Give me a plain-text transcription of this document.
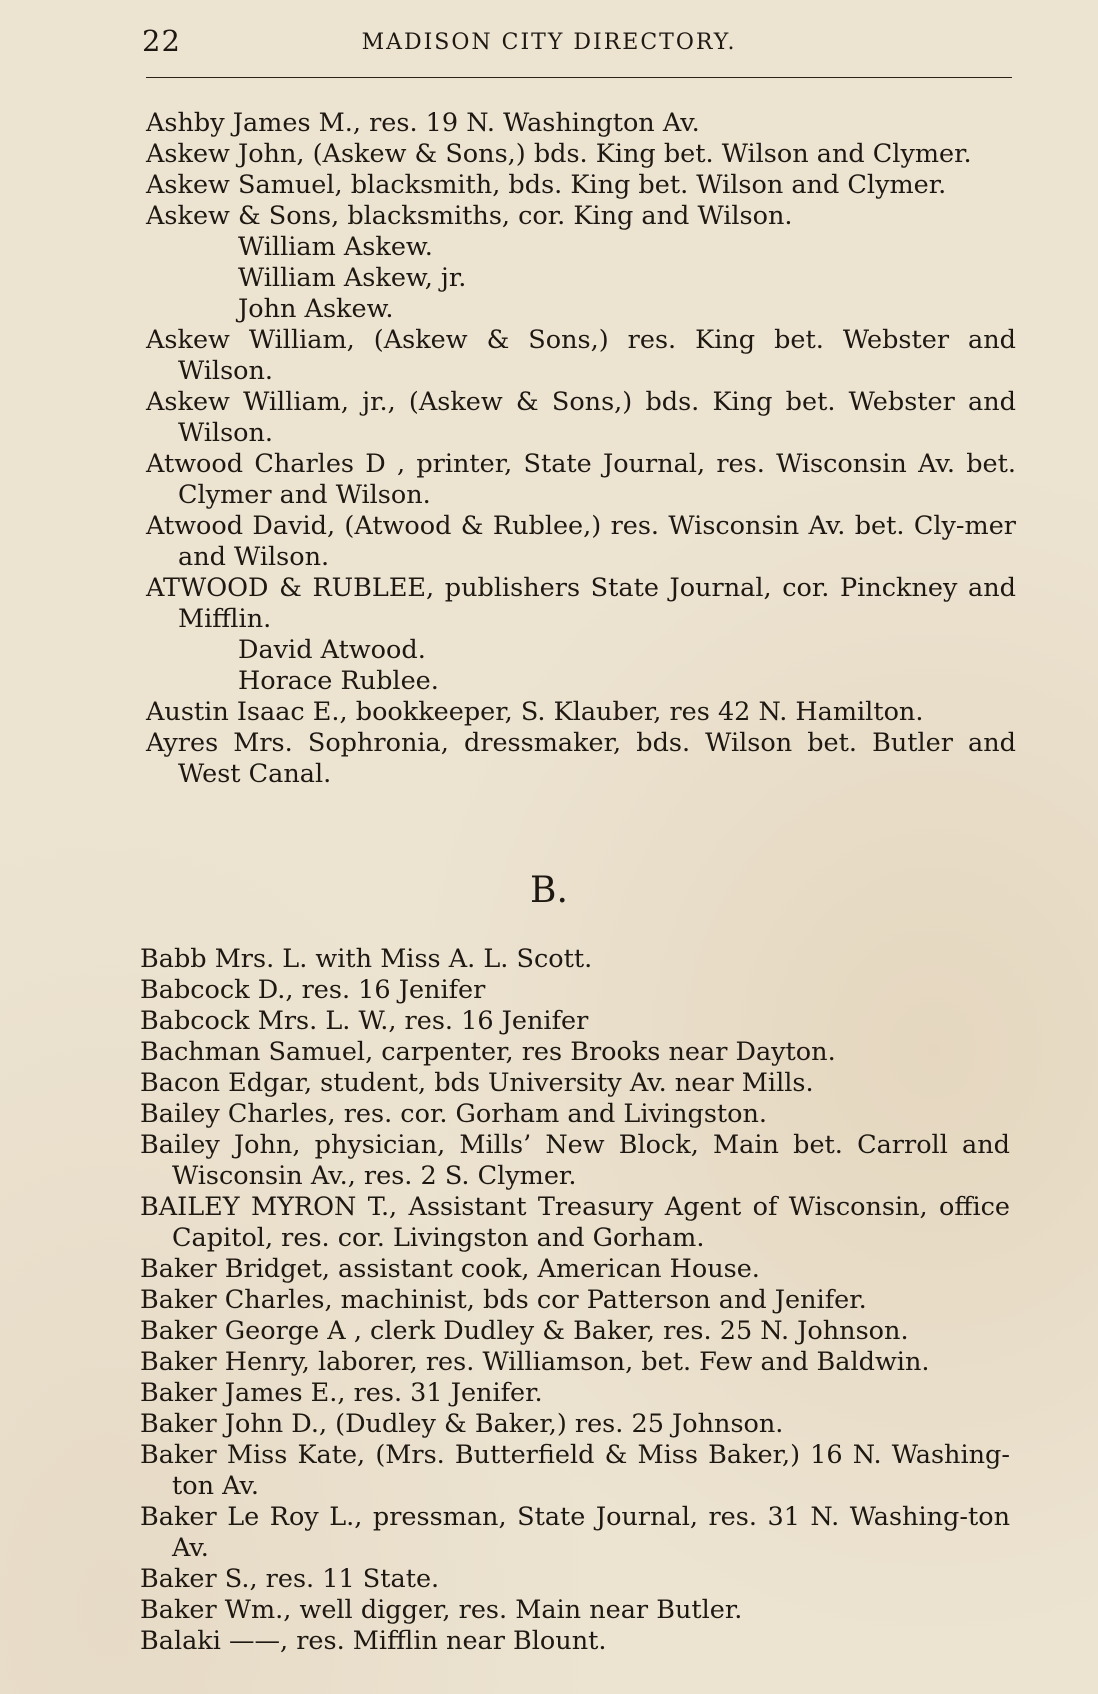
22	MADISON CITY DIRECTORY.
Ashby James M., res. 19 N. Washington Av.
Askew John, (Askew & Sons,) bds. King bet. Wilson and Clymer.
Askew Samuel, blacksmith, bds. King bet. Wilson and Clymer.
Askew & Sons, blacksmiths, cor. King and Wilson.
William Askew.
William Askew, jr.
John Askew.
Askew William, (Askew & Sons,) res. King bet. Webster and Wilson.
Askew William, jr., (Askew & Sons,) bds. King bet. Webster and Wilson.
Atwood Charles D , printer, State Journal, res. Wisconsin Av. bet. Clymer and Wilson.
Atwood David, (Atwood & Rublee,) res. Wisconsin Av. bet. Cly-mer and Wilson.
ATWOOD & RUBLEE, publishers State Journal, cor. Pinckney and Mifflin.
David Atwood.
Horace Rublee.
Austin Isaac E., bookkeeper, S. Klauber, res 42 N. Hamilton.
Ayres Mrs. Sophronia, dressmaker, bds. Wilson bet. Butler and West Canal.
B.
Babb Mrs. L. with Miss A. L. Scott.
Babcock D., res. 16 Jenifer
Babcock Mrs. L. W., res. 16 Jenifer
Bachman Samuel, carpenter, res Brooks near Dayton.
Bacon Edgar, student, bds University Av. near Mills.
Bailey Charles, res. cor. Gorham and Livingston.
Bailey John, physician, Mills’ New Block, Main bet. Carroll and Wisconsin Av., res. 2 S. Clymer.
BAILEY MYRON T., Assistant Treasury Agent of Wisconsin, office Capitol, res. cor. Livingston and Gorham.
Baker Bridget, assistant cook, American House.
Baker Charles, machinist, bds cor Patterson and Jenifer.
Baker George A , clerk Dudley & Baker, res. 25 N. Johnson.
Baker Henry, laborer, res. Williamson, bet. Few and Baldwin.
Baker James E., res. 31 Jenifer.
Baker John D., (Dudley & Baker,) res. 25 Johnson.
Baker Miss Kate, (Mrs. Butterfield & Miss Baker,) 16 N. Washing-ton Av.
Baker Le Roy L., pressman, State Journal, res. 31 N. Washing-ton Av.
Baker S., res. 11 State.
Baker Wm., well digger, res. Main near Butler.
Balaki ——, res. Mifflin near Blount.
